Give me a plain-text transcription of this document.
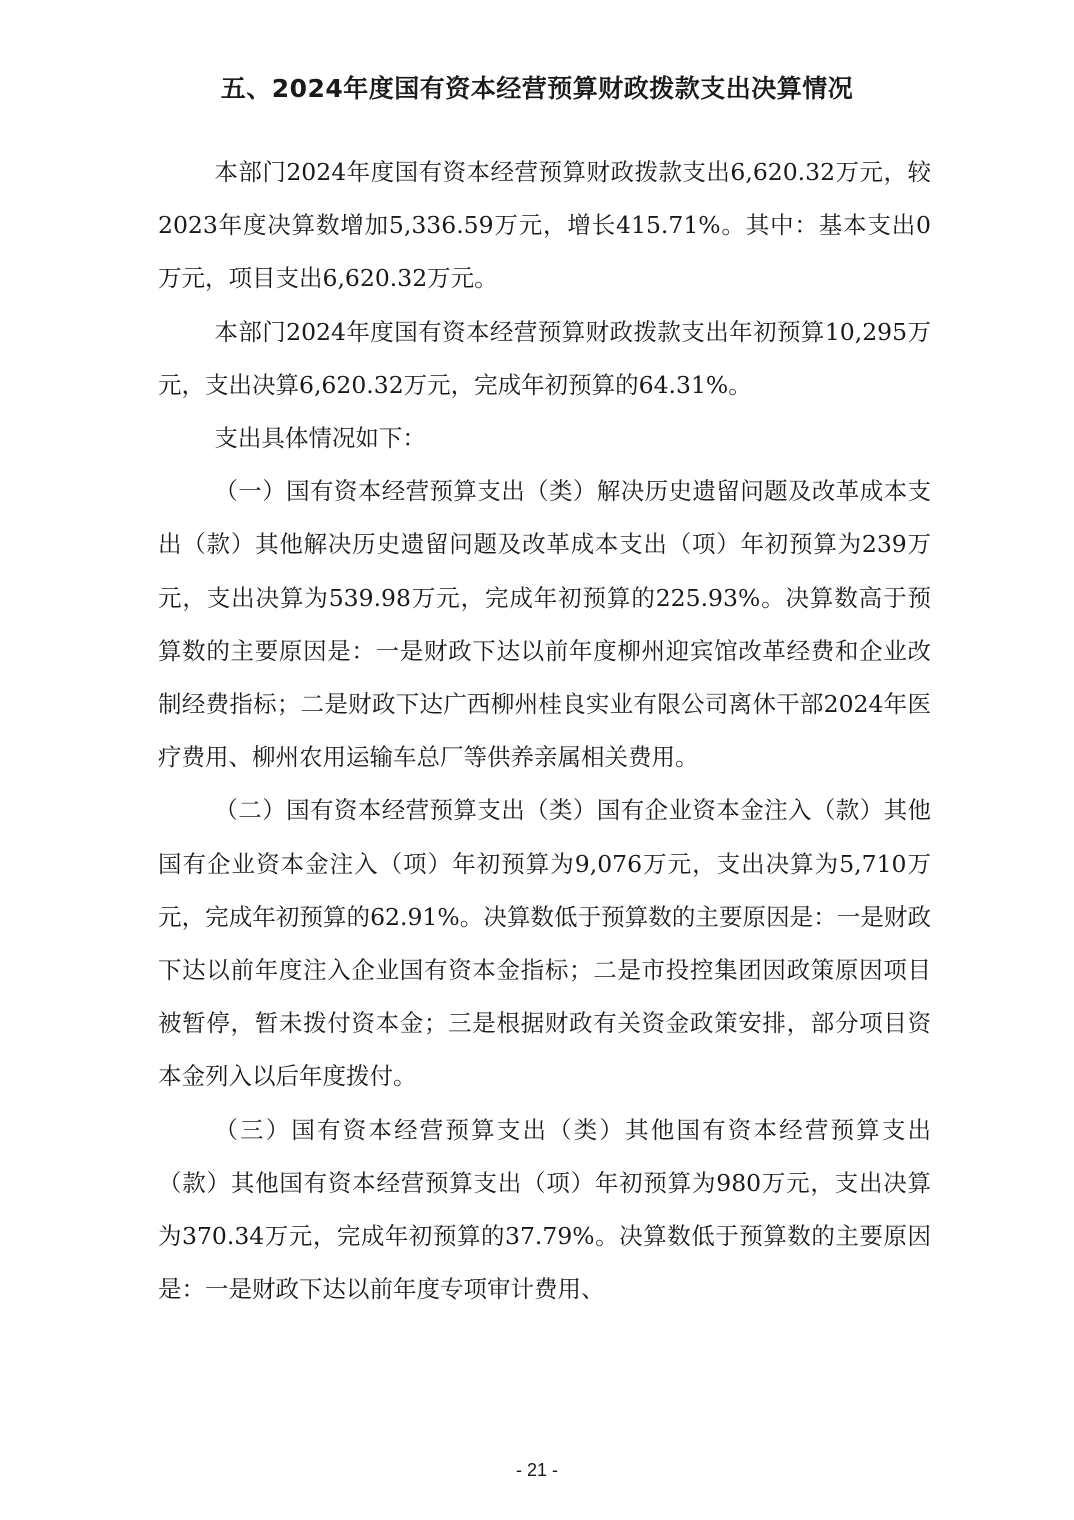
五、2024年度国有资本经营预算财政拨款支出决算情况

本部门2024年度国有资本经营预算财政拨款支出6,620.32万元，较2023年度决算数增加5,336.59万元，增长415.71%。其中：基本支出0万元，项目支出6,620.32万元。

本部门2024年度国有资本经营预算财政拨款支出年初预算10,295万元，支出决算6,620.32万元，完成年初预算的64.31%。

支出具体情况如下：

（一）国有资本经营预算支出（类）解决历史遗留问题及改革成本支出（款）其他解决历史遗留问题及改革成本支出（项）年初预算为239万元，支出决算为539.98万元，完成年初预算的225.93%。决算数高于预算数的主要原因是：一是财政下达以前年度柳州迎宾馆改革经费和企业改制经费指标；二是财政下达广西柳州桂良实业有限公司离休干部2024年医疗费用、柳州农用运输车总厂等供养亲属相关费用。

（二）国有资本经营预算支出（类）国有企业资本金注入（款）其他国有企业资本金注入（项）年初预算为9,076万元，支出决算为5,710万元，完成年初预算的62.91%。决算数低于预算数的主要原因是：一是财政下达以前年度注入企业国有资本金指标；二是市投控集团因政策原因项目被暂停，暂未拨付资本金；三是根据财政有关资金政策安排，部分项目资本金列入以后年度拨付。

（三）国有资本经营预算支出（类）其他国有资本经营预算支出（款）其他国有资本经营预算支出（项）年初预算为980万元，支出决算为370.34万元，完成年初预算的37.79%。决算数低于预算数的主要原因是：一是财政下达以前年度专项审计费用、

- 21 -
